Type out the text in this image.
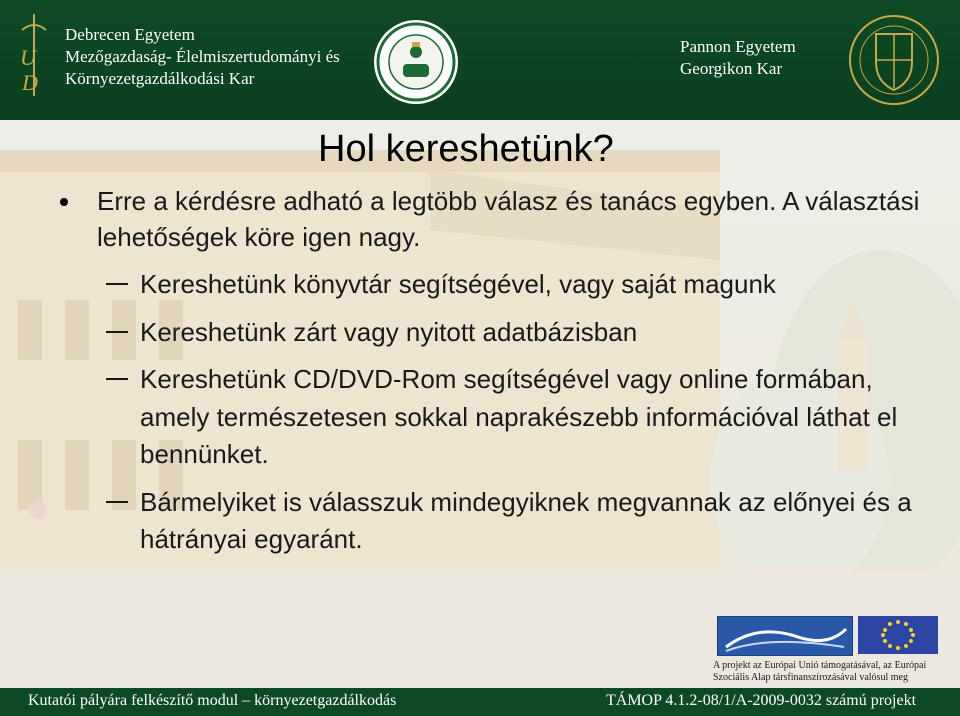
U
D
Debrecen Egyetem
Mezőgazdaság- Élelmiszertudományi és
Környezetgazdálkodási Kar
Pannon Egyetem
Georgikon Kar
Hol kereshetünk?
Erre a kérdésre adható a legtöbb válasz és tanács egyben. A választási lehetőségek köre igen nagy.
Kereshetünk könyvtár segítségével, vagy saját magunk
Kereshetünk zárt vagy nyitott adatbázisban
Kereshetünk CD/DVD-Rom segítségével vagy online formában, amely természetesen sokkal naprakészebb információval láthat el bennünket.
Bármelyiket is válasszuk mindegyiknek megvannak az előnyei és a hátrányai egyaránt.
A projekt az Európai Unió támogatásával, az Európai
Szociális Alap társfinanszírozásával valósul meg
Kutatói pályára felkészítő modul – környezetgazdálkodás	TÁMOP 4.1.2-08/1/A-2009-0032 számú projekt
